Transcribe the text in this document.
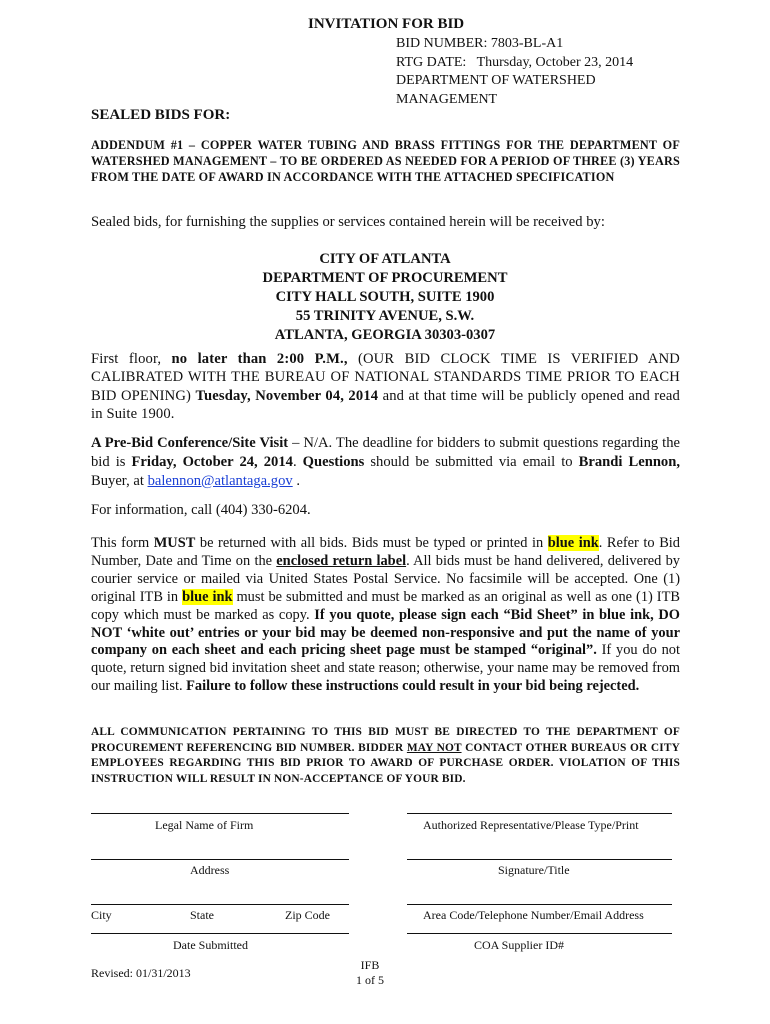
INVITATION FOR BID
BID NUMBER: 7803-BL-A1
RTG DATE:   Thursday, October 23, 2014
DEPARTMENT OF WATERSHED
MANAGEMENT
SEALED BIDS FOR:
ADDENDUM #1 – COPPER WATER TUBING AND BRASS FITTINGS FOR THE DEPARTMENT OF WATERSHED MANAGEMENT – TO BE ORDERED AS NEEDED FOR A PERIOD OF THREE (3) YEARS FROM THE DATE OF AWARD IN ACCORDANCE WITH THE ATTACHED SPECIFICATION
Sealed bids, for furnishing the supplies or services contained herein will be received by:
CITY OF ATLANTA
DEPARTMENT OF PROCUREMENT
CITY HALL SOUTH, SUITE 1900
55 TRINITY AVENUE, S.W.
ATLANTA, GEORGIA 30303-0307
First floor, no later than 2:00 P.M., (OUR BID CLOCK TIME IS VERIFIED AND CALIBRATED WITH THE BUREAU OF NATIONAL STANDARDS TIME PRIOR TO EACH BID OPENING) Tuesday, November 04, 2014 and at that time will be publicly opened and read in Suite 1900.
A Pre-Bid Conference/Site Visit – N/A. The deadline for bidders to submit questions regarding the bid is Friday, October 24, 2014. Questions should be submitted via email to Brandi Lennon, Buyer, at balennon@atlantaga.gov .
For information, call (404) 330-6204.
This form MUST be returned with all bids. Bids must be typed or printed in blue ink. Refer to Bid Number, Date and Time on the enclosed return label. All bids must be hand delivered, delivered by courier service or mailed via United States Postal Service. No facsimile will be accepted. One (1) original ITB in blue ink must be submitted and must be marked as an original as well as one (1) ITB copy which must be marked as copy. If you quote, please sign each “Bid Sheet” in blue ink, DO NOT ‘white out’ entries or your bid may be deemed non-responsive and put the name of your company on each sheet and each pricing sheet page must be stamped “original”. If you do not quote, return signed bid invitation sheet and state reason; otherwise, your name may be removed from our mailing list. Failure to follow these instructions could result in your bid being rejected.
ALL COMMUNICATION PERTAINING TO THIS BID MUST BE DIRECTED TO THE DEPARTMENT OF PROCUREMENT REFERENCING BID NUMBER. BIDDER MAY NOT CONTACT OTHER BUREAUS OR CITY EMPLOYEES REGARDING THIS BID PRIOR TO AWARD OF PURCHASE ORDER. VIOLATION OF THIS INSTRUCTION WILL RESULT IN NON-ACCEPTANCE OF YOUR BID.
Legal Name of Firm	Authorized Representative/Please Type/Print
Address	Signature/Title
City	State	Zip Code	Area Code/Telephone Number/Email Address
Date Submitted	COA Supplier ID#
Revised: 01/31/2013
IFB
1 of 5
